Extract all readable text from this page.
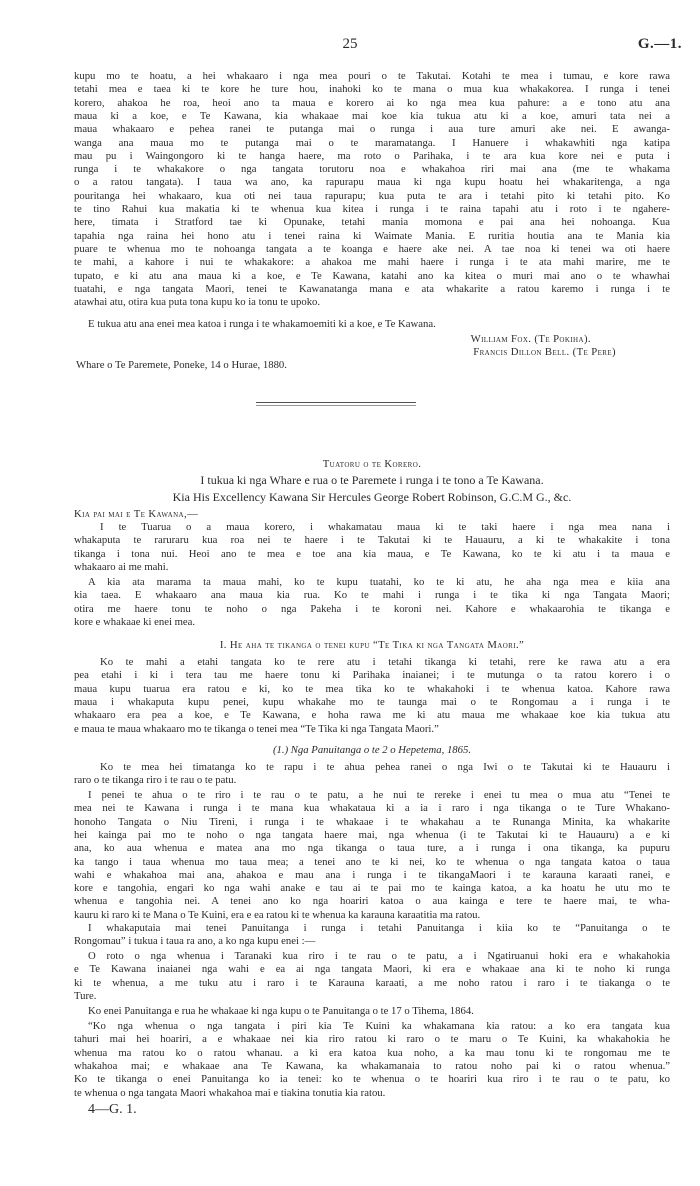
25	G.—1.
kupu mo te hoatu, a hei whakaaro i nga mea pouri o te Takutai. Kotahi te mea i tumau, e kore rawa
tetahi mea e taea ki te kore he ture hou, inahoki ko te mana o mua kua whakakorea. I runga i tenei
korero, ahakoa he roa, heoi ano ta maua e korero ai ko nga mea kua pahure: a e tono atu ana
maua ki a koe, e Te Kawana, kia whakaae mai koe kia tukua atu ki a koe, amuri tata nei a
maua whakaaro e pehea ranei te putanga mai o runga i aua ture amuri ake nei. E awanga-
wanga ana maua mo te putanga mai o te maramatanga. I Hanuere i whakawhiti nga katipa
mau pu i Waingongoro ki te hanga haere, ma roto o Parihaka, i te ara kua kore nei e puta i
runga i te whakakore o nga tangata torutoru noa e whakahoa riri mai ana (me te whakama
o a ratou tangata). I taua wa ano, ka rapurapu maua ki nga kupu hoatu hei whakaritenga, a nga
pouritanga hei whakaaro, kua oti nei taua rapurapu; kua puta te ara i tetahi pito ki tetahi pito. Ko
te tino Rahui kua makatia ki te whenua kua kitea i runga i te raina tapahi atu i roto i te ngahere-
here, timata i Stratford tae ki Opunake, tetahi mania momona e pai ana hei nohoanga. Kua
tapahia nga raina hei hono atu i tenei raina ki Waimate Mania. E ruritia houtia ana te Mania kia
puare te whenua mo te nohoanga tangata a te koanga e haere ake nei. A tae noa ki tenei wa oti haere
te mahi, a kahore i nui te whakakore: a ahakoa me mahi haere i runga i te ata mahi marire, me te
tupato, e ki atu ana maua ki a koe, e Te Kawana, katahi ano ka kitea o muri mai ano o te whawhai
tuatahi, e nga tangata Maori, tenei te Kawanatanga mana e ata whakarite a ratou karemo i runga i te
atawhai atu, otira kua puta tona kupu ko ia tonu te upoko.
E tukua atu ana enei mea katoa i runga i te whakamoemiti ki a koe, e Te Kawana.
William Fox. (Te Pokiha).
Francis Dillon Bell. (Te Pere)
Whare o Te Paremete, Poneke, 14 o Hurae, 1880.
Tuatoru o te Korero.
I tukua ki nga Whare e rua o te Paremete i runga i te tono a Te Kawana.
Kia His Excellency Kawana Sir Hercules George Robert Robinson, G.C.M G., &c.
Kia pai mai e Te Kawana,—
I te Tuarua o a maua korero, i whakamatau maua ki te taki haere i nga mea nana i
whakaputa te raruraru kua roa nei te haere i te Takutai ki te Hauauru, a ki te whakakite i tona
tikanga i tona nui. Heoi ano te mea e toe ana kia maua, e Te Kawana, ko te ki atu i ta maua e
whakaaro ai me mahi.
A kia ata marama ta maua mahi, ko te kupu tuatahi, ko te ki atu, he aha nga mea e kiia ana
kia taea. E whakaaro ana maua kia rua. Ko te mahi i runga i te tika ki nga Tangata Maori;
otira me haere tonu te noho o nga Pakeha i te koroni nei. Kahore e whakaarohia te tikanga e
kore e whakaae ki enei mea.
I. He aha te tikanga o tenei kupu “Te Tika ki nga Tangata Maori.”
Ko te mahi a etahi tangata ko te rere atu i tetahi tikanga ki tetahi, rere ke rawa atu a era
pea etahi i ki i tera tau me haere tonu ki Parihaka inaianei; i te mutunga o ta ratou korero i o
maua kupu tuarua era ratou e ki, ko te mea tika ko te whakahoki i te whenua katoa. Kahore rawa
maua i whakaputa kupu penei, kupu whakahe mo te taunga mai o te Rongomau a i runga i te
whakaaro era pea a koe, e Te Kawana, e hoha rawa me ki atu maua me whakaae koe kia tukua atu
e maua te maua whakaaro mo te tikanga o tenei mea “Te Tika ki nga Tangata Maori.”
(1.) Nga Panuitanga o te 2 o Hepetema, 1865.
Ko te mea hei timatanga ko te rapu i te ahua pehea ranei o nga Iwi o te Takutai ki te Hauauru i
raro o te tikanga riro i te rau o te patu.
I penei te ahua o te riro i te rau o te patu, a he nui te rereke i enei tu mea o mua atu “Tenei te
mea nei te Kawana i runga i te mana kua whakataua ki a ia i raro i nga tikanga o te Ture Whakano-
honoho Tangata o Niu Tireni, i runga i te whakaae i te whakahau a te Runanga Minita, ka whakarite
hei kainga pai mo te noho o nga tangata haere mai, nga whenua (i te Takutai ki te Hauauru) a e ki
ana, ko aua whenua e matea ana mo nga tikanga o taua ture, a i runga i ona tikanga, ka pupuru
ka tango i taua whenua mo taua mea; a tenei ano te ki nei, ko te whenua o nga tangata katoa o taua
wahi e whakahoa mai ana, ahakoa e mau ana i runga i te tikangaMaori i te karauna karaati ranei, e
kore e tangohia, engari ko nga wahi anake e tau ai te pai mo te kainga katoa, a ka hoatu he utu mo te
whenua e tangohia nei. A tenei ano ko nga hoariri katoa o aua kainga e tere te haere mai, te wha-
kauru ki raro ki te Mana o Te Kuini, era e ea ratou ki te whenua ka karauna karaatitia ma ratou.
I whakaputaia mai tenei Panuitanga i runga i tetahi Panuitanga i kiia ko te “Panuitanga o te
Rongomau” i tukua i taua ra ano, a ko nga kupu enei :—
O roto o nga whenua i Taranaki kua riro i te rau o te patu, a i Ngatiruanui hoki era e whakahokia
e Te Kawana inaianei nga wahi e ea ai nga tangata Maori, ki era e whakaae ana ki te noho ki runga
ki te whenua, a me tuku atu i raro i te Karauna karaati, a me noho ratou i raro i te tiakanga o te
Ture.
Ko enei Panuitanga e rua he whakaae ki nga kupu o te Panuitanga o te 17 o Tihema, 1864.
“Ko nga whenua o nga tangata i piri kia Te Kuini ka whakamana kia ratou: a ko era tangata kua
tahuri mai hei hoariri, a e whakaae nei kia riro ratou ki raro o te maru o Te Kuini, ka whakahokia he
whenua ma ratou ko o ratou whanau. a ki era katoa kua noho, a ka mau tonu ki te rongomau me te
whakahoa mai; e whakaae ana Te Kawana, ka whakamanaia to ratou noho pai ki o ratou whenua.”
Ko te tikanga o enei Panuitanga ko ia tenei: ko te whenua o te hoariri kua riro i te rau o te patu, ko
te whenua o nga tangata Maori whakahoa mai e tiakina tonutia kia ratou.
4—G. 1.
